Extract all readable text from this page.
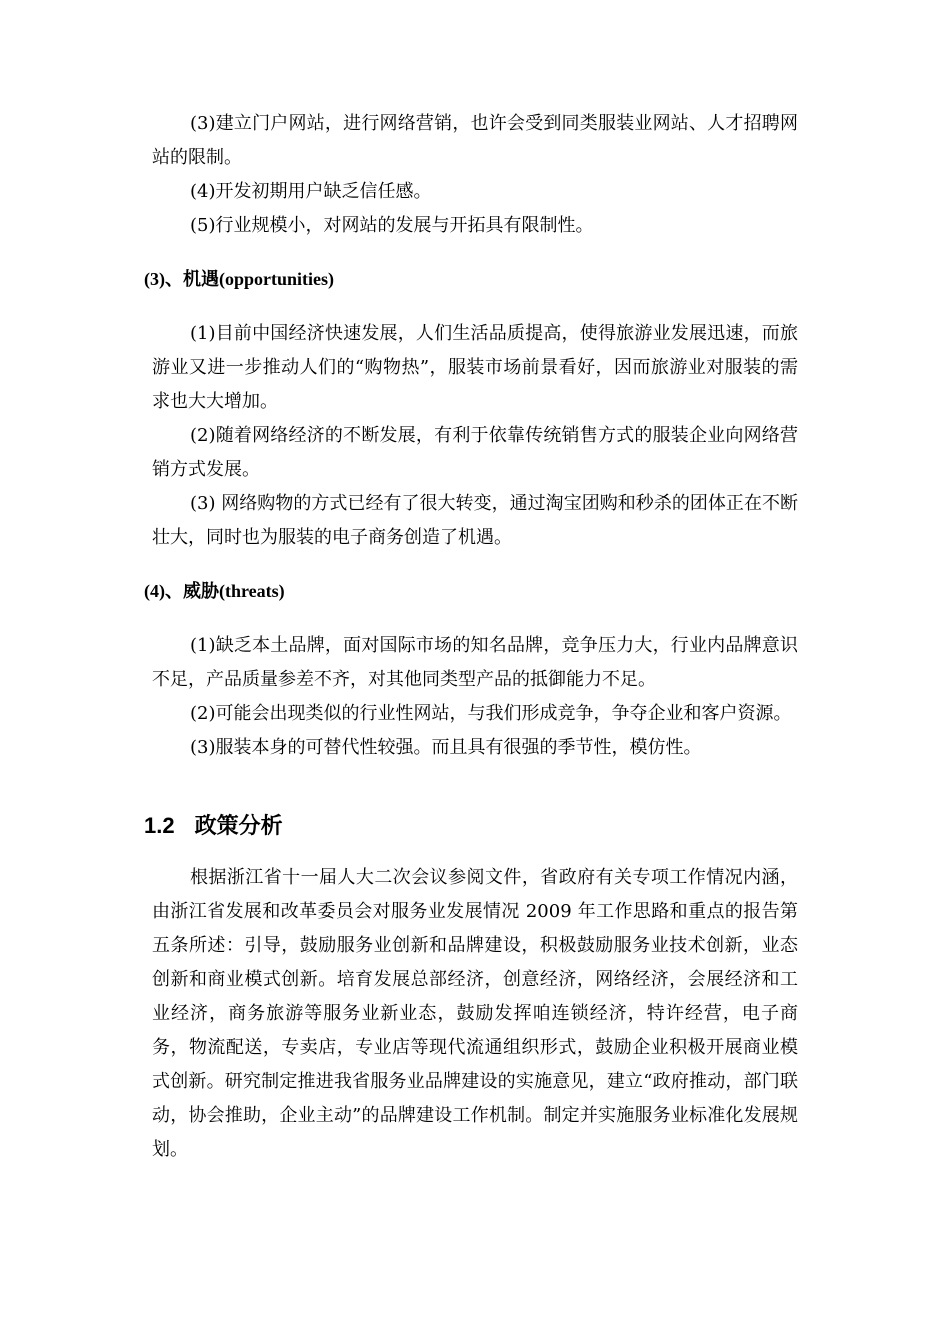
(3)建立门户网站，进行网络营销，也许会受到同类服装业网站、人才招聘网站的限制。

(4)开发初期用户缺乏信任感。

(5)行业规模小，对网站的发展与开拓具有限制性。

(3)、机遇(opportunities)

(1)目前中国经济快速发展，人们生活品质提高，使得旅游业发展迅速，而旅游业又进一步推动人们的“购物热”，服装市场前景看好，因而旅游业对服装的需求也大大增加。

(2)随着网络经济的不断发展，有利于依靠传统销售方式的服装企业向网络营销方式发展。

(3) 网络购物的方式已经有了很大转变，通过淘宝团购和秒杀的团体正在不断壮大，同时也为服装的电子商务创造了机遇。

(4)、威胁(threats)

(1)缺乏本土品牌，面对国际市场的知名品牌，竞争压力大，行业内品牌意识不足，产品质量参差不齐，对其他同类型产品的抵御能力不足。

(2)可能会出现类似的行业性网站，与我们形成竞争，争夺企业和客户资源。

(3)服装本身的可替代性较强。而且具有很强的季节性，模仿性。

1.2 政策分析

根据浙江省十一届人大二次会议参阅文件，省政府有关专项工作情况内涵，由浙江省发展和改革委员会对服务业发展情况 2009 年工作思路和重点的报告第五条所述：引导，鼓励服务业创新和品牌建设，积极鼓励服务业技术创新，业态创新和商业模式创新。培育发展总部经济，创意经济，网络经济，会展经济和工业经济，商务旅游等服务业新业态，鼓励发挥咱连锁经济，特许经营，电子商务，物流配送，专卖店，专业店等现代流通组织形式，鼓励企业积极开展商业模式创新。研究制定推进我省服务业品牌建设的实施意见，建立“政府推动，部门联动，协会推助，企业主动”的品牌建设工作机制。制定并实施服务业标准化发展规划。
